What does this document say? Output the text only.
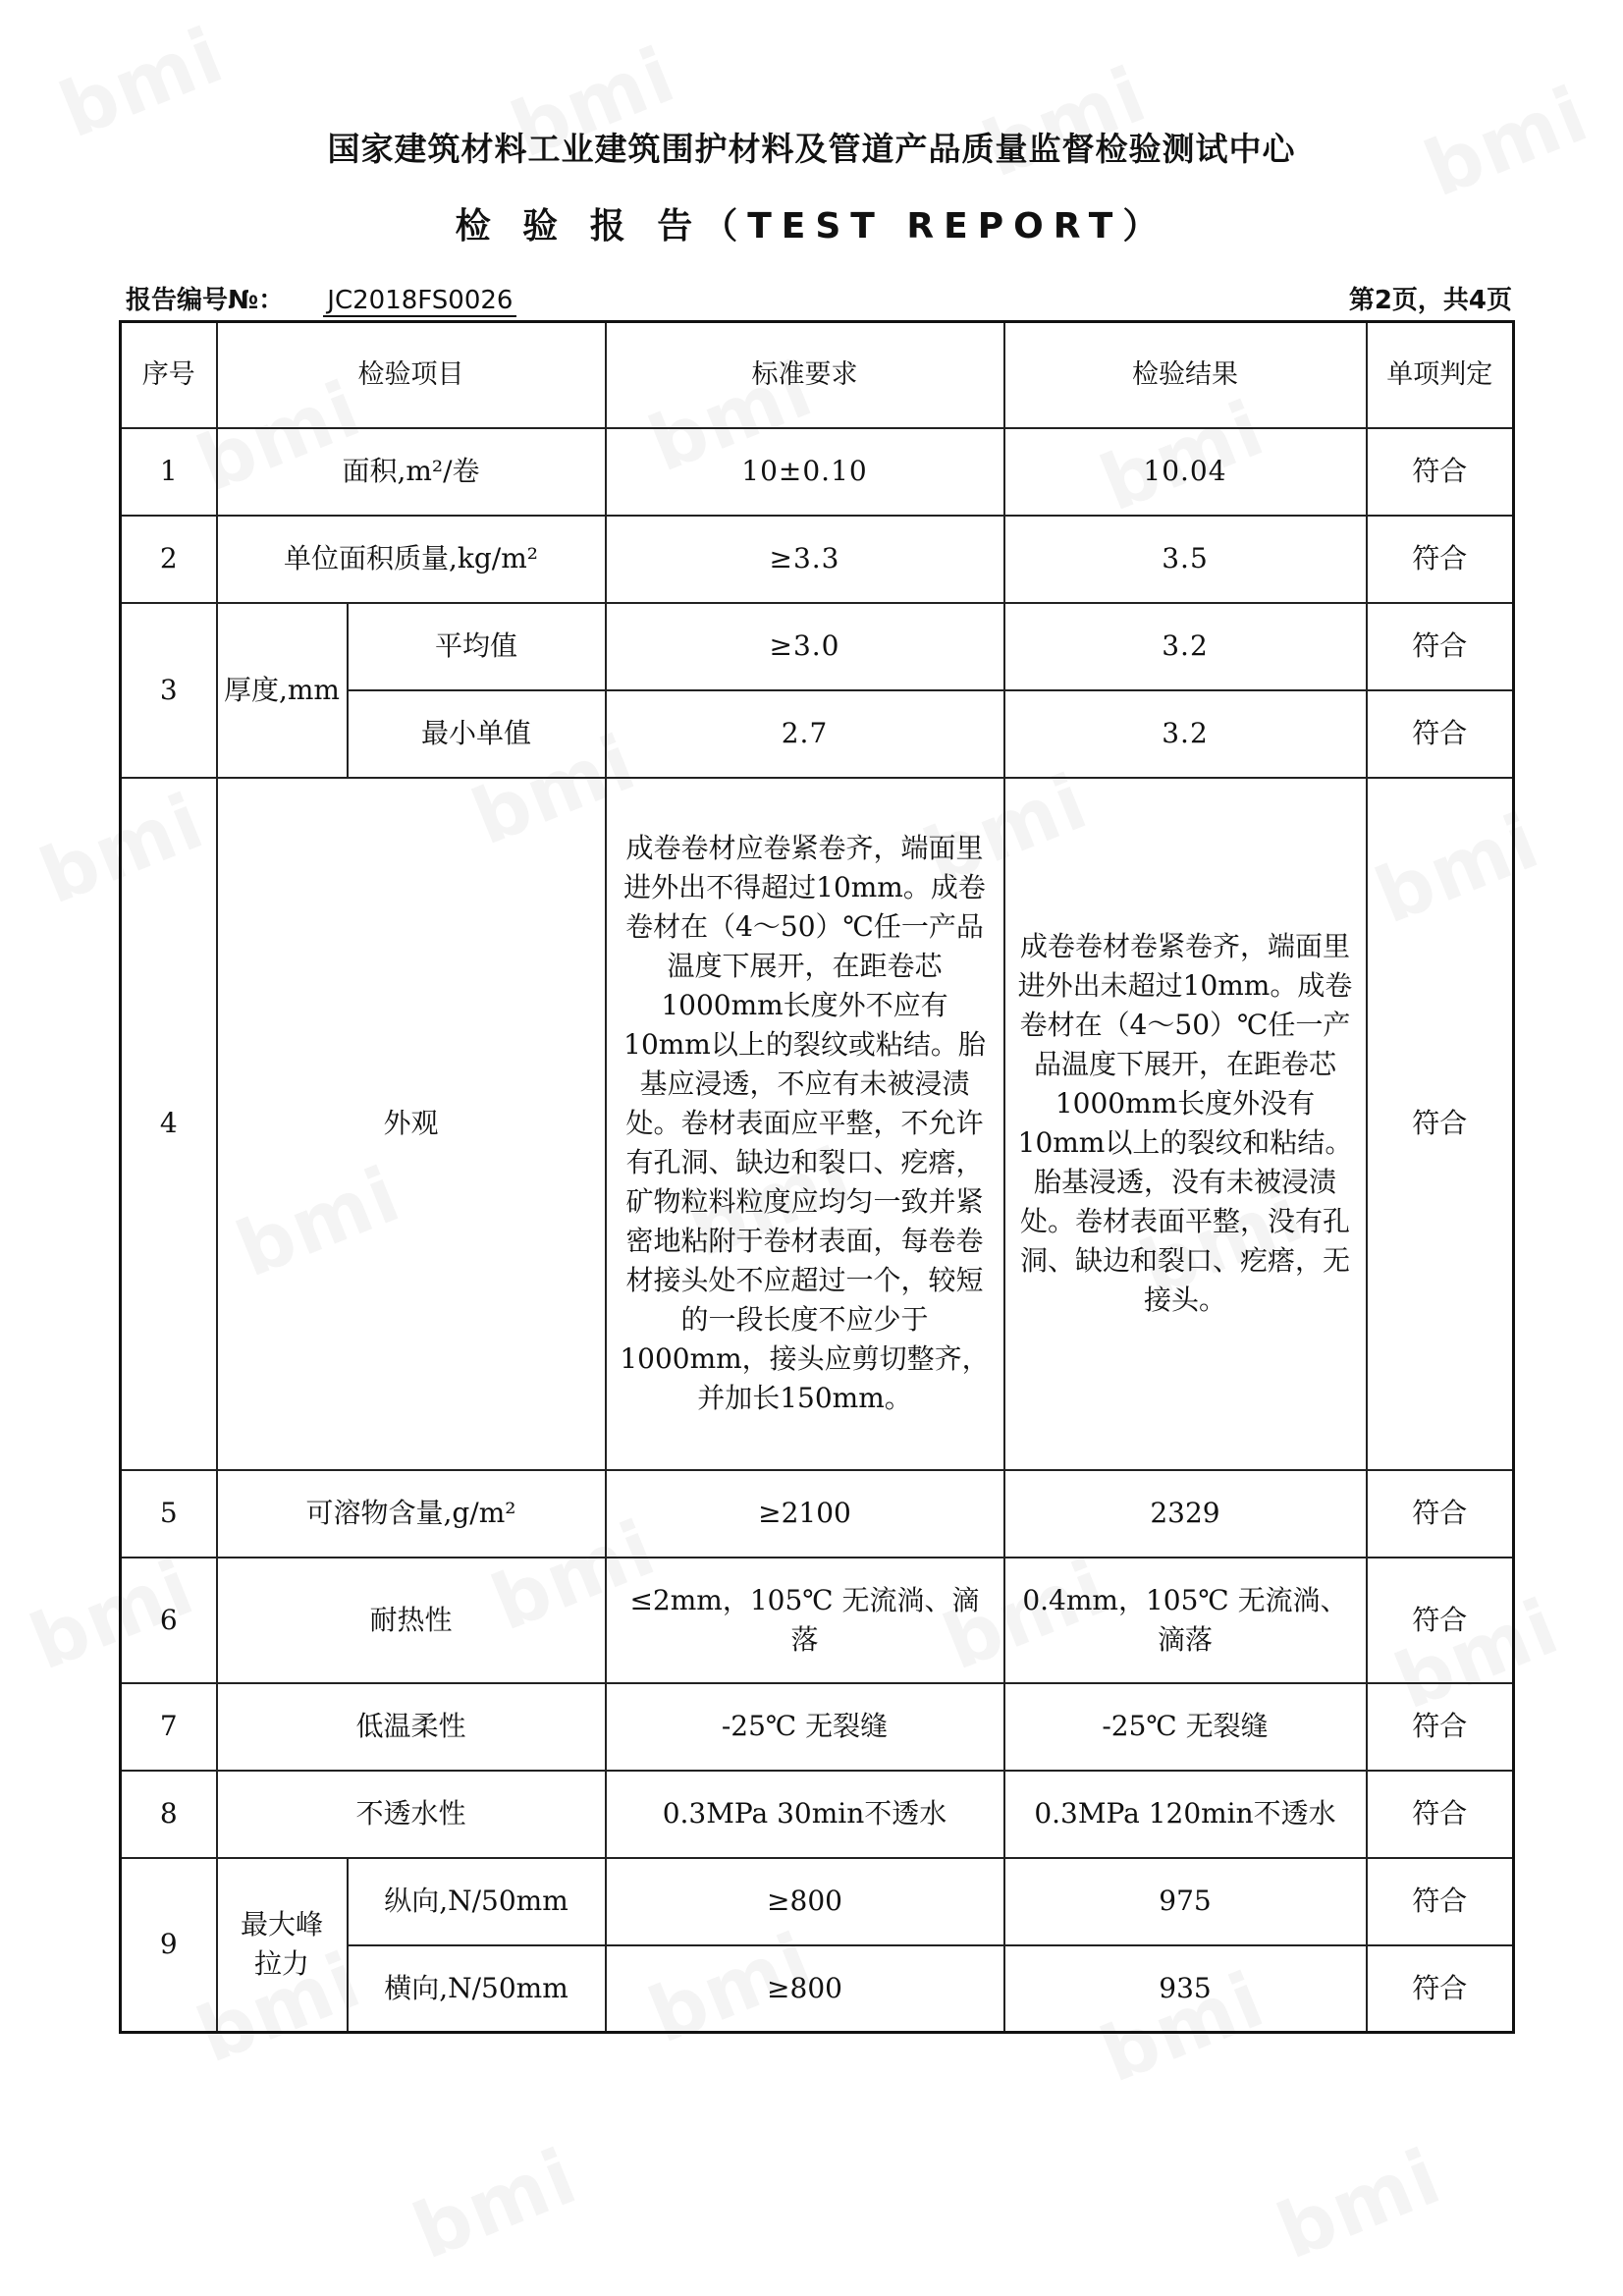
国家建筑材料工业建筑围护材料及管道产品质量监督检验测试中心
检 验 报 告（TEST REPORT）
报告编号№： JC2018FS0026	第2页，共4页
序号	检验项目		标准要求	检验结果	单项判定
1	面积,m²/卷		10±0.10	10.04	符合
2	单位面积质量,kg/m²		≥3.3	3.5	符合
3	厚度,mm	平均值	≥3.0	3.2	符合
		最小单值	2.7	3.2	符合
4	外观		成卷卷材应卷紧卷齐，端面里进外出不得超过10mm。成卷卷材在（4～50）℃任一产品温度下展开，在距卷芯1000mm长度外不应有10mm以上的裂纹或粘结。胎基应浸透，不应有未被浸渍处。卷材表面应平整，不允许有孔洞、缺边和裂口、疙瘩，矿物粒料粒度应均匀一致并紧密地粘附于卷材表面，每卷卷材接头处不应超过一个，较短的一段长度不应少于1000mm，接头应剪切整齐，并加长150mm。	成卷卷材卷紧卷齐，端面里进外出未超过10mm。成卷卷材在（4～50）℃任一产品温度下展开，在距卷芯1000mm长度外没有10mm以上的裂纹和粘结。胎基浸透，没有未被浸渍处。卷材表面平整，没有孔洞、缺边和裂口、疙瘩，无接头。	符合
5	可溶物含量,g/m²		≥2100	2329	符合
6	耐热性		≤2mm，105℃ 无流淌、滴落	0.4mm，105℃ 无流淌、滴落	符合
7	低温柔性		-25℃ 无裂缝	-25℃ 无裂缝	符合
8	不透水性		0.3MPa 30min不透水	0.3MPa 120min不透水	符合
9	最大峰拉力	纵向,N/50mm	≥800	975	符合
		横向,N/50mm	≥800	935	符合
